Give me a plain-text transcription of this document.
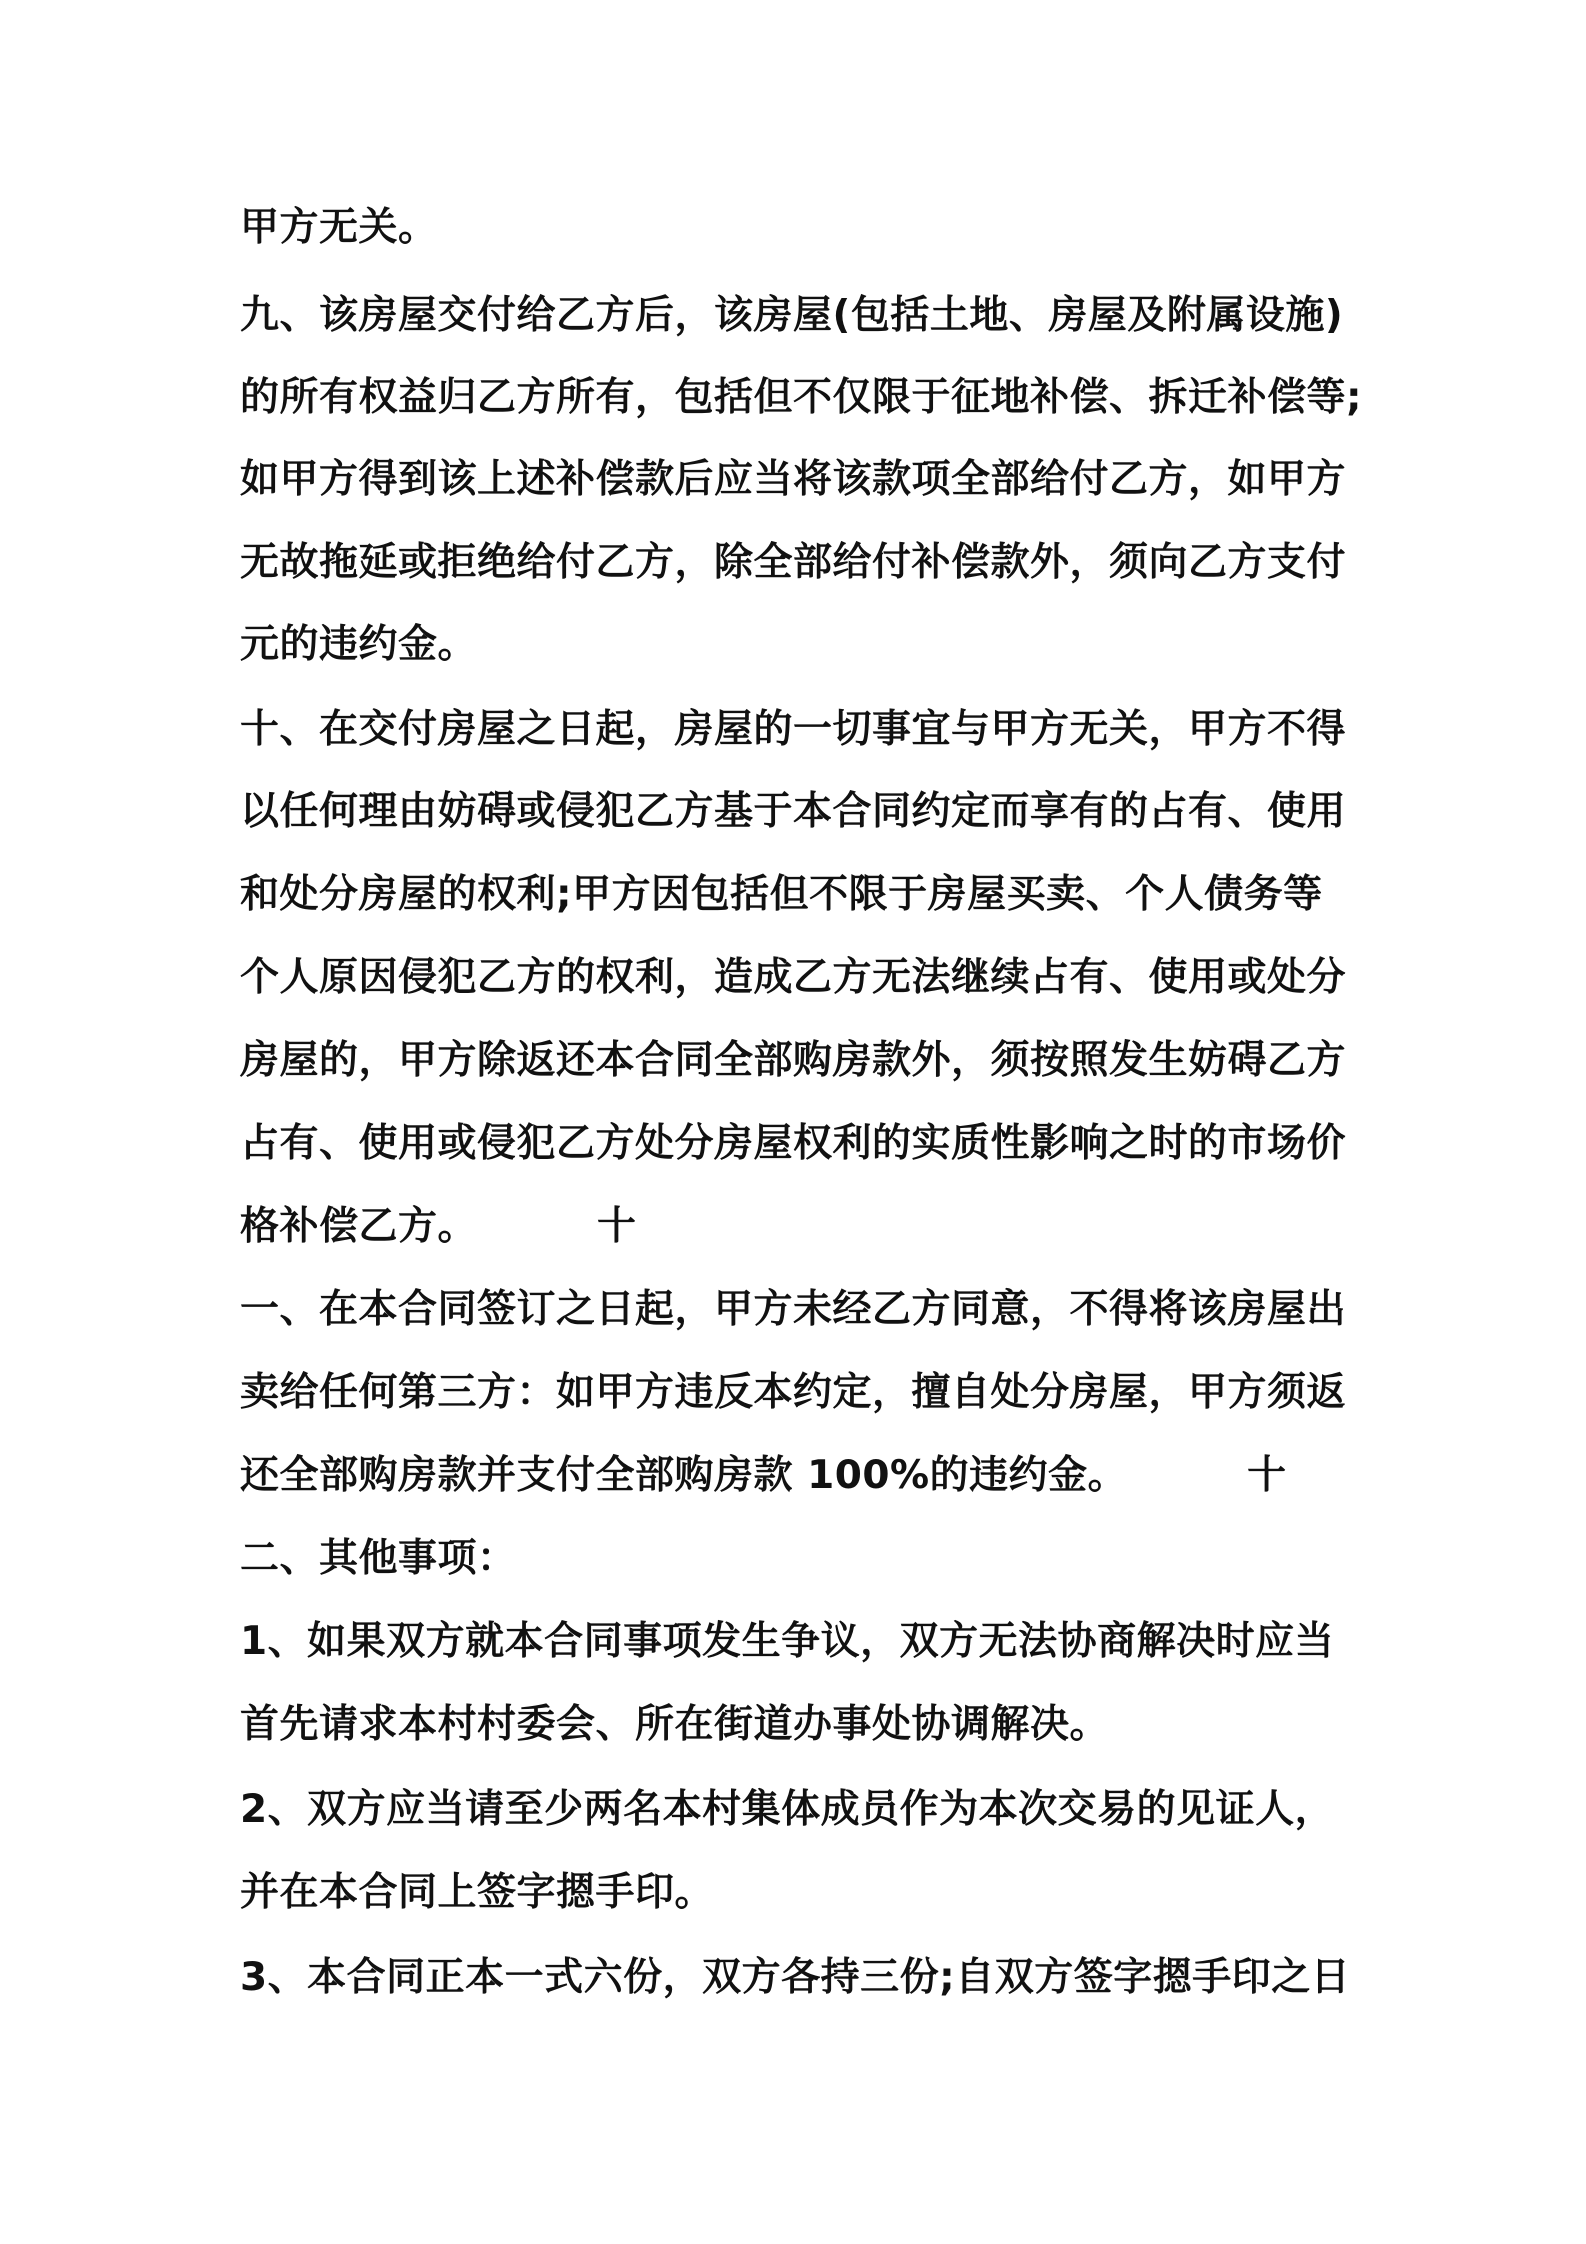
甲方无关。
九、该房屋交付给乙方后，该房屋(包括土地、房屋及附属设施)
的所有权益归乙方所有，包括但不仅限于征地补偿、拆迁补偿等;
如甲方得到该上述补偿款后应当将该款项全部给付乙方，如甲方
无故拖延或拒绝给付乙方，除全部给付补偿款外，须向乙方支付
元的违约金。
十、在交付房屋之日起，房屋的一切事宜与甲方无关，甲方不得
以任何理由妨碍或侵犯乙方基于本合同约定而享有的占有、使用
和处分房屋的权利;甲方因包括但不限于房屋买卖、个人债务等
个人原因侵犯乙方的权利，造成乙方无法继续占有、使用或处分
房屋的，甲方除返还本合同全部购房款外，须按照发生妨碍乙方
占有、使用或侵犯乙方处分房屋权利的实质性影响之时的市场价
格补偿乙方。	十
一、在本合同签订之日起，甲方未经乙方同意，不得将该房屋出
卖给任何第三方：如甲方违反本约定，擅自处分房屋，甲方须返
还全部购房款并支付全部购房款 100%的违约金。	十
二、其他事项：
1、如果双方就本合同事项发生争议，双方无法协商解决时应当
首先请求本村村委会、所在街道办事处协调解决。
2、双方应当请至少两名本村集体成员作为本次交易的见证人，
并在本合同上签字摁手印。
3、本合同正本一式六份，双方各持三份;自双方签字摁手印之日
